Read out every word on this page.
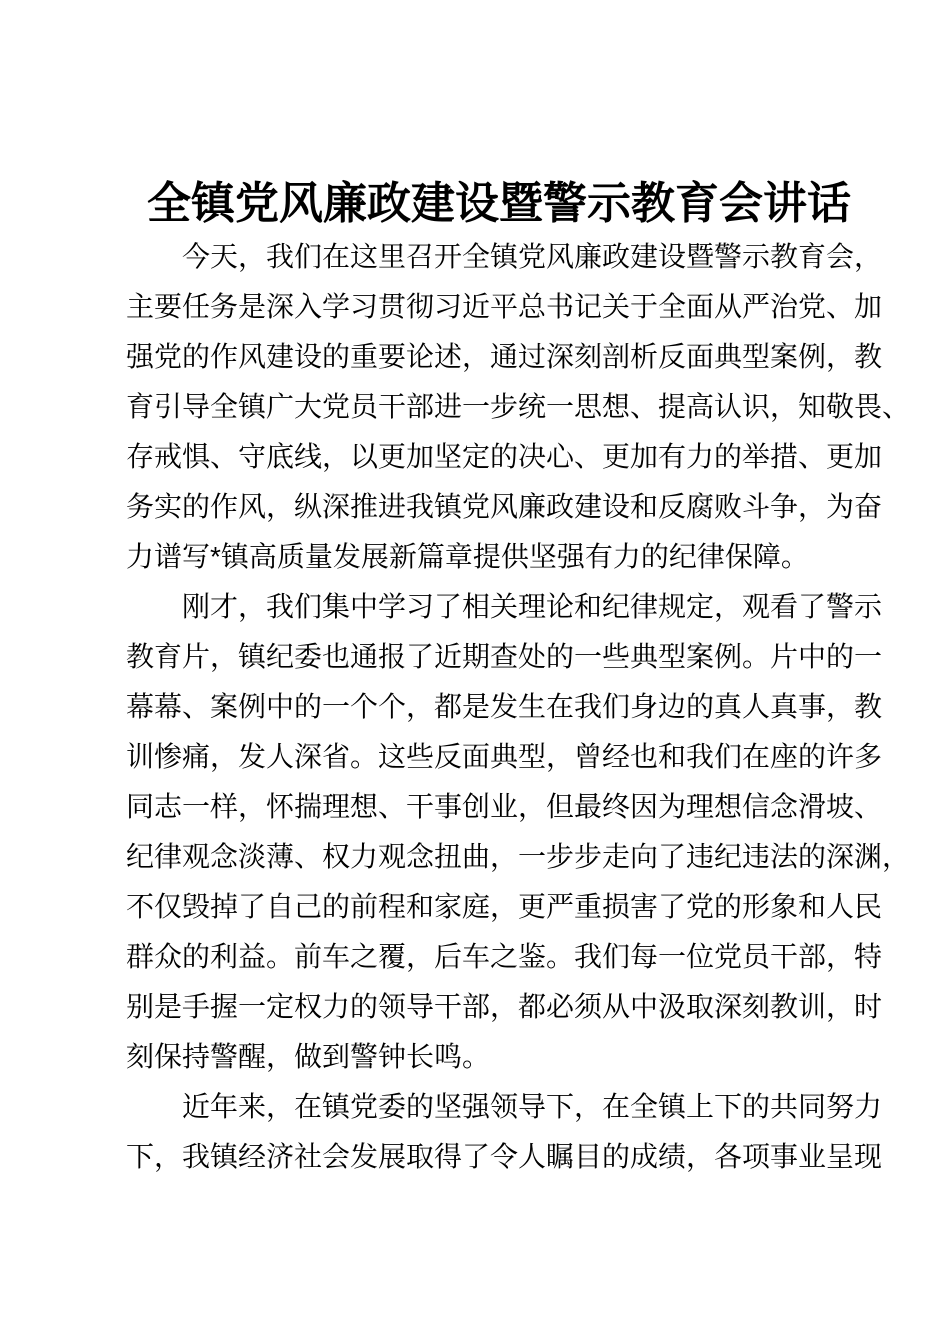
全镇党风廉政建设暨警示教育会讲话
　　今天，我们在这里召开全镇党风廉政建设暨警示教育会，
主要任务是深入学习贯彻习近平总书记关于全面从严治党、加
强党的作风建设的重要论述，通过深刻剖析反面典型案例，教
育引导全镇广大党员干部进一步统一思想、提高认识，知敬畏、
存戒惧、守底线，以更加坚定的决心、更加有力的举措、更加
务实的作风，纵深推进我镇党风廉政建设和反腐败斗争，为奋
力谱写*镇高质量发展新篇章提供坚强有力的纪律保障。
　　刚才，我们集中学习了相关理论和纪律规定，观看了警示
教育片，镇纪委也通报了近期查处的一些典型案例。片中的一
幕幕、案例中的一个个，都是发生在我们身边的真人真事，教
训惨痛，发人深省。这些反面典型，曾经也和我们在座的许多
同志一样，怀揣理想、干事创业，但最终因为理想信念滑坡、
纪律观念淡薄、权力观念扭曲，一步步走向了违纪违法的深渊，
不仅毁掉了自己的前程和家庭，更严重损害了党的形象和人民
群众的利益。前车之覆，后车之鉴。我们每一位党员干部，特
别是手握一定权力的领导干部，都必须从中汲取深刻教训，时
刻保持警醒，做到警钟长鸣。
　　近年来，在镇党委的坚强领导下，在全镇上下的共同努力
下，我镇经济社会发展取得了令人瞩目的成绩，各项事业呈现
